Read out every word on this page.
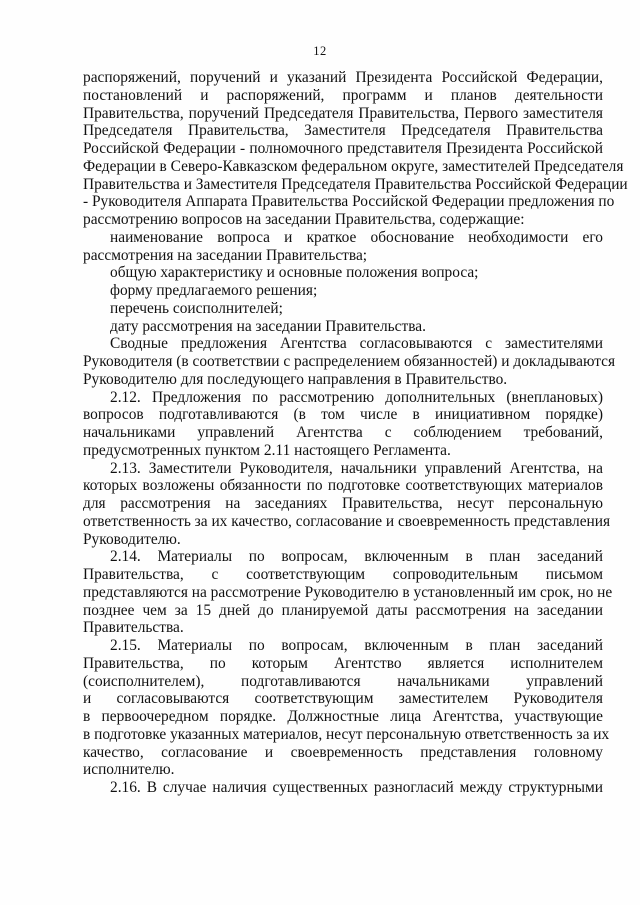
12
распоряжений, поручений и указаний Президента Российской Федерации,
постановлений и распоряжений, программ и планов деятельности
Правительства, поручений Председателя Правительства, Первого заместителя
Председателя Правительства, Заместителя Председателя Правительства
Российской Федерации - полномочного представителя Президента Российской
Федерации в Северо-Кавказском федеральном округе, заместителей Председателя
Правительства и Заместителя Председателя Правительства Российской Федерации
- Руководителя Аппарата Правительства Российской Федерации предложения по
рассмотрению вопросов на заседании Правительства, содержащие:
наименование вопроса и краткое обоснование необходимости его
рассмотрения на заседании Правительства;
общую характеристику и основные положения вопроса;
форму предлагаемого решения;
перечень соисполнителей;
дату рассмотрения на заседании Правительства.
Сводные предложения Агентства согласовываются с заместителями
Руководителя (в соответствии с распределением обязанностей) и докладываются
Руководителю для последующего направления в Правительство.
2.12. Предложения по рассмотрению дополнительных (внеплановых)
вопросов подготавливаются (в том числе в инициативном порядке)
начальниками управлений Агентства с соблюдением требований,
предусмотренных пунктом 2.11 настоящего Регламента.
2.13. Заместители Руководителя, начальники управлений Агентства, на
которых возложены обязанности по подготовке соответствующих материалов
для рассмотрения на заседаниях Правительства, несут персональную
ответственность за их качество, согласование и своевременность представления
Руководителю.
2.14. Материалы по вопросам, включенным в план заседаний
Правительства, с соответствующим сопроводительным письмом
представляются на рассмотрение Руководителю в установленный им срок, но не
позднее чем за 15 дней до планируемой даты рассмотрения на заседании
Правительства.
2.15. Материалы по вопросам, включенным в план заседаний
Правительства, по которым Агентство является исполнителем
(соисполнителем), подготавливаются начальниками управлений
и согласовываются соответствующим заместителем Руководителя
в первоочередном порядке. Должностные лица Агентства, участвующие
в подготовке указанных материалов, несут персональную ответственность за их
качество, согласование и своевременность представления головному
исполнителю.
2.16. В случае наличия существенных разногласий между структурными
